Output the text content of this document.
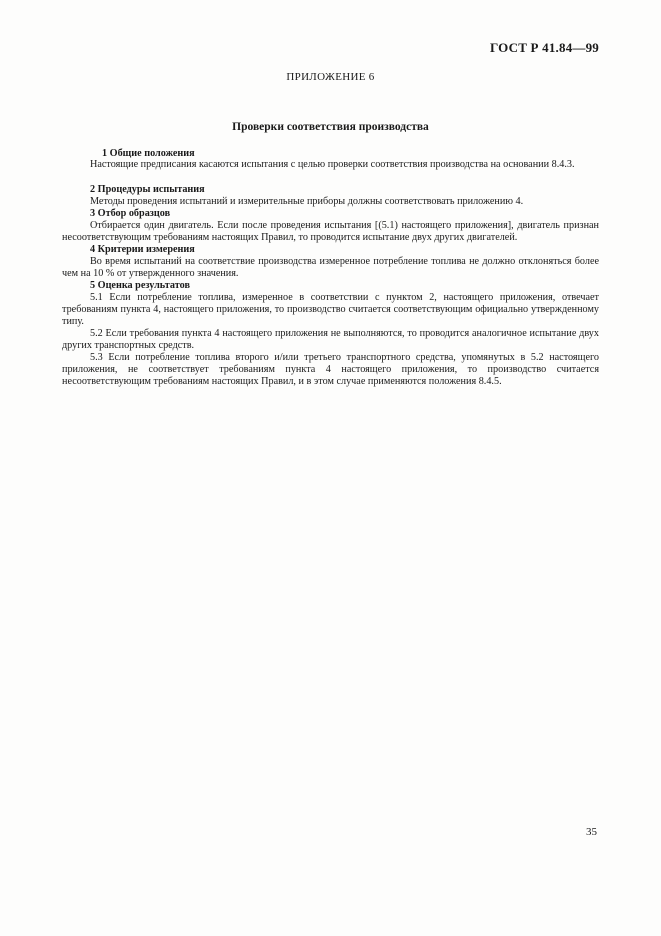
ГОСТ Р 41.84—99
ПРИЛОЖЕНИЕ 6
Проверки соответствия производства
1 Общие положения
Настоящие предписания касаются испытания с целью проверки соответствия производства на основании 8.4.3.
2 Процедуры испытания
Методы проведения испытаний и измерительные приборы должны соответствовать приложению 4.
3 Отбор образцов
Отбирается один двигатель. Если после проведения испытания [(5.1) настоящего приложения], двигатель признан несоответствующим требованиям настоящих Правил, то проводится испытание двух других двигателей.
4 Критерии измерения
Во время испытаний на соответствие производства измеренное потребление топлива не должно отклоняться более чем на 10 % от утвержденного значения.
5 Оценка результатов
5.1 Если потребление топлива, измеренное в соответствии с пунктом 2, настоящего приложения, отвечает требованиям пункта 4, настоящего приложения, то производство считается соответствующим официально утвержденному типу.
5.2 Если требования пункта 4 настоящего приложения не выполняются, то проводится аналогичное испытание двух других транспортных средств.
5.3 Если потребление топлива второго и/или третьего транспортного средства, упомянутых в 5.2 настоящего приложения, не соответствует требованиям пункта 4 настоящего приложения, то производство считается несоответствующим требованиям настоящих Правил, и в этом случае применяются положения 8.4.5.
35
